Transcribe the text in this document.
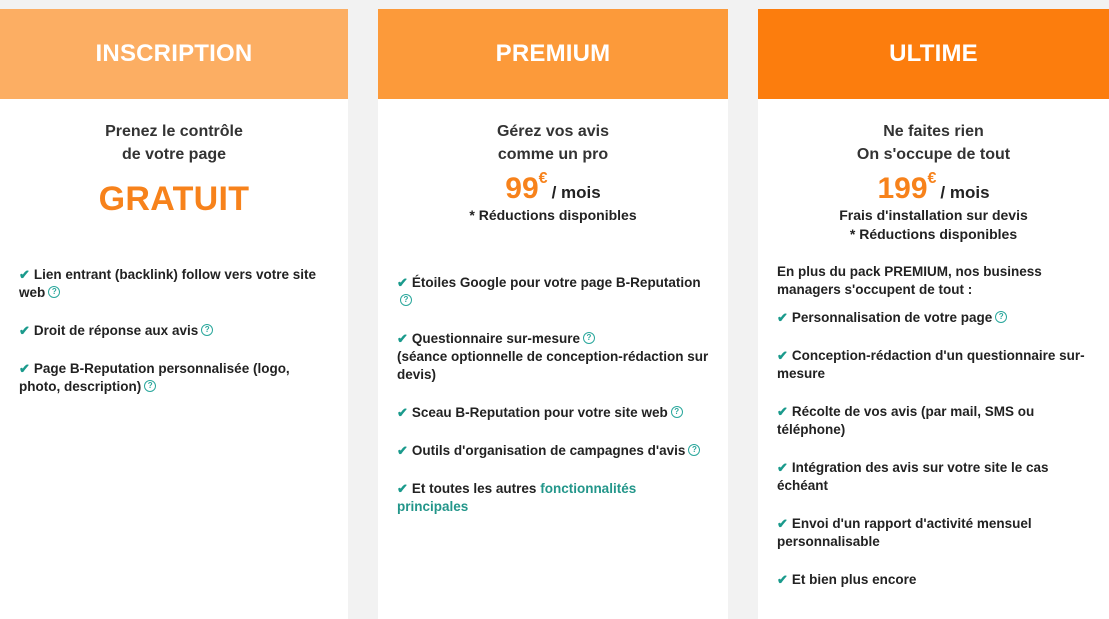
INSCRIPTION
Prenez le contrôle
de votre page
GRATUIT
✔ Lien entrant (backlink) follow vers votre site web ?
✔ Droit de réponse aux avis ?
✔ Page B-Reputation personnalisée (logo, photo, description) ?
PREMIUM
Gérez vos avis
comme un pro
99€/ mois
* Réductions disponibles
✔ Étoiles Google pour votre page B-Reputation?
✔ Questionnaire sur-mesure ?
(séance optionnelle de conception-rédaction sur devis)
✔ Sceau B-Reputation pour votre site web ?
✔ Outils d'organisation de campagnes d'avis ?
✔ Et toutes les autres fonctionnalités principales
ULTIME
Ne faites rien
On s'occupe de tout
199€/ mois
Frais d'installation sur devis
* Réductions disponibles
En plus du pack PREMIUM, nos business managers s'occupent de tout :
✔ Personnalisation de votre page ?
✔ Conception-rédaction d'un questionnaire sur-mesure
✔ Récolte de vos avis (par mail, SMS ou téléphone)
✔ Intégration des avis sur votre site le cas échéant
✔ Envoi d'un rapport d'activité mensuel personnalisable
✔ Et bien plus encore
